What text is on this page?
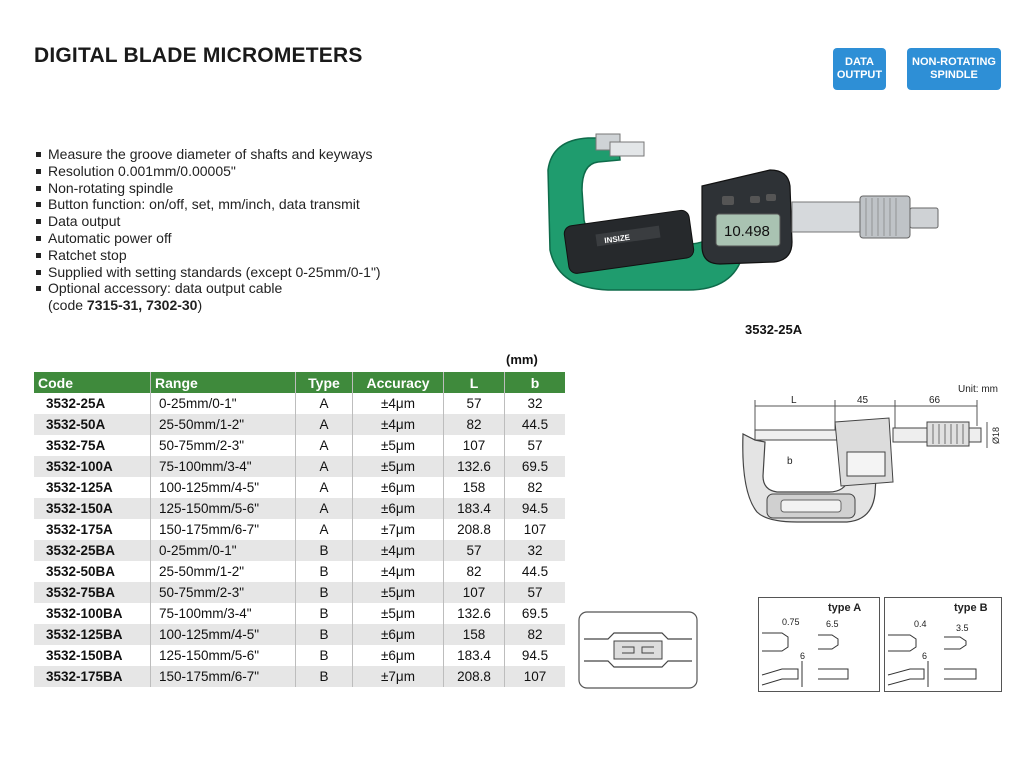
DIGITAL BLADE MICROMETERS	DATA
OUTPUT
NON-ROTATING
SPINDLE
Measure the groove diameter of shafts and keyways
Resolution 0.001mm/0.00005"
Non-rotating spindle
Button function: on/off, set, mm/inch, data transmit
Data output
Automatic power off
Ratchet stop
Supplied with setting standards (except 0-25mm/0-1")
Optional accessory: data output cable
(code 7315-31, 7302-30)
INSIZE	10.498
3532-25A
(mm)
Code	Range	Type	Accuracy	L	b
3532-25A	0-25mm/0-1"	A	±4μm	57	32
3532-50A	25-50mm/1-2"	A	±4μm	82	44.5
3532-75A	50-75mm/2-3"	A	±5μm	107	57
3532-100A	75-100mm/3-4"	A	±5μm	132.6	69.5
3532-125A	100-125mm/4-5"	A	±6μm	158	82
3532-150A	125-150mm/5-6"	A	±6μm	183.4	94.5
3532-175A	150-175mm/6-7"	A	±7μm	208.8	107
3532-25BA	0-25mm/0-1"	B	±4μm	57	32
3532-50BA	25-50mm/1-2"	B	±4μm	82	44.5
3532-75BA	50-75mm/2-3"	B	±5μm	107	57
3532-100BA	75-100mm/3-4"	B	±5μm	132.6	69.5
3532-125BA	100-125mm/4-5"	B	±6μm	158	82
3532-150BA	125-150mm/5-6"	B	±6μm	183.4	94.5
3532-175BA	150-175mm/6-7"	B	±7μm	208.8	107
Unit: mm
L	45	66
b
Ø18
type A
0.75	6.5
6
type B
0.4	3.5
6
